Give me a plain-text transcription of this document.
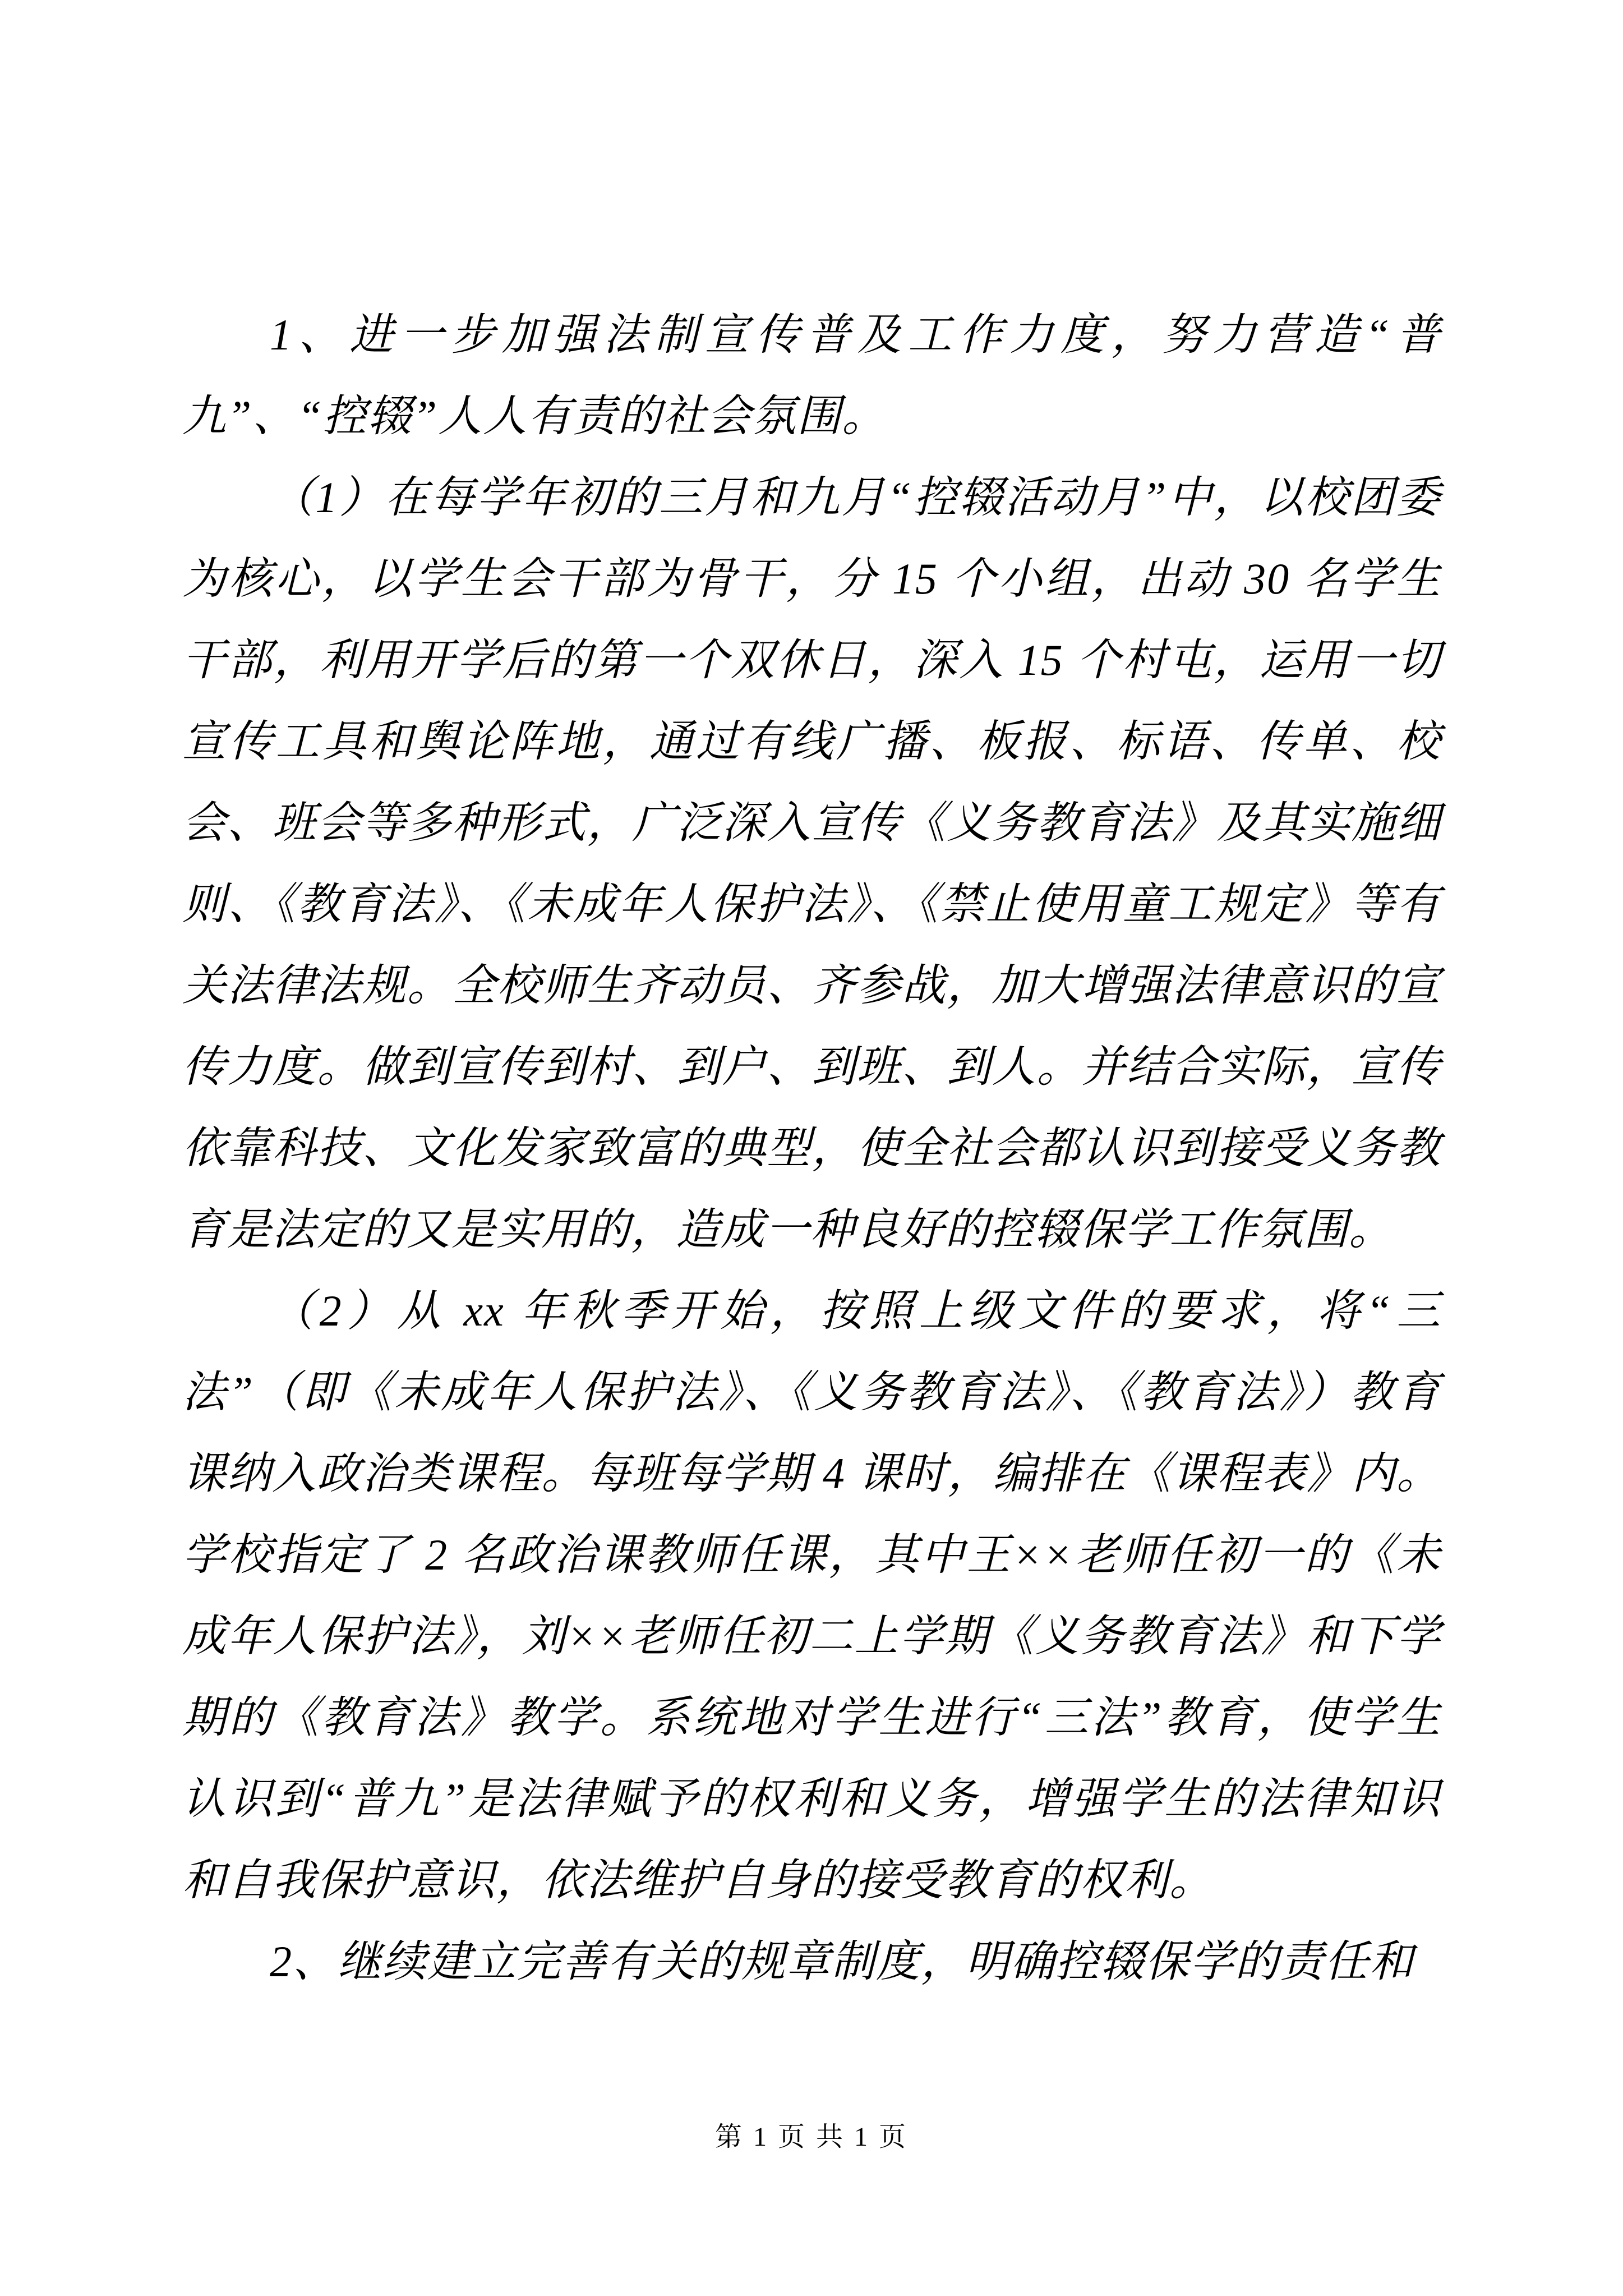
1、进一步加强法制宣传普及工作力度，努力营造“普九”、“控辍”人人有责的社会氛围。

（1）在每学年初的三月和九月“控辍活动月”中，以校团委为核心，以学生会干部为骨干，分 15 个小组，出动 30 名学生干部，利用开学后的第一个双休日，深入 15 个村屯，运用一切宣传工具和舆论阵地，通过有线广播、板报、标语、传单、校会、班会等多种形式，广泛深入宣传《义务教育法》及其实施细则、《教育法》、《未成年人保护法》、《禁止使用童工规定》等有关法律法规。全校师生齐动员、齐参战，加大增强法律意识的宣传力度。做到宣传到村、到户、到班、到人。并结合实际，宣传依靠科技、文化发家致富的典型，使全社会都认识到接受义务教育是法定的又是实用的，造成一种良好的控辍保学工作氛围。

（2）从 xx 年秋季开始，按照上级文件的要求，将“三法”（即《未成年人保护法》、《义务教育法》、《教育法》）教育课纳入政治类课程。每班每学期 4 课时，编排在《课程表》内。学校指定了 2 名政治课教师任课，其中王××老师任初一的《未成年人保护法》，刘××老师任初二上学期《义务教育法》和下学期的《教育法》教学。系统地对学生进行“三法”教育，使学生认识到“普九”是法律赋予的权利和义务，增强学生的法律知识和自我保护意识，依法维护自身的接受教育的权利。

2、继续建立完善有关的规章制度，明确控辍保学的责任和

第 1 页 共 1 页
